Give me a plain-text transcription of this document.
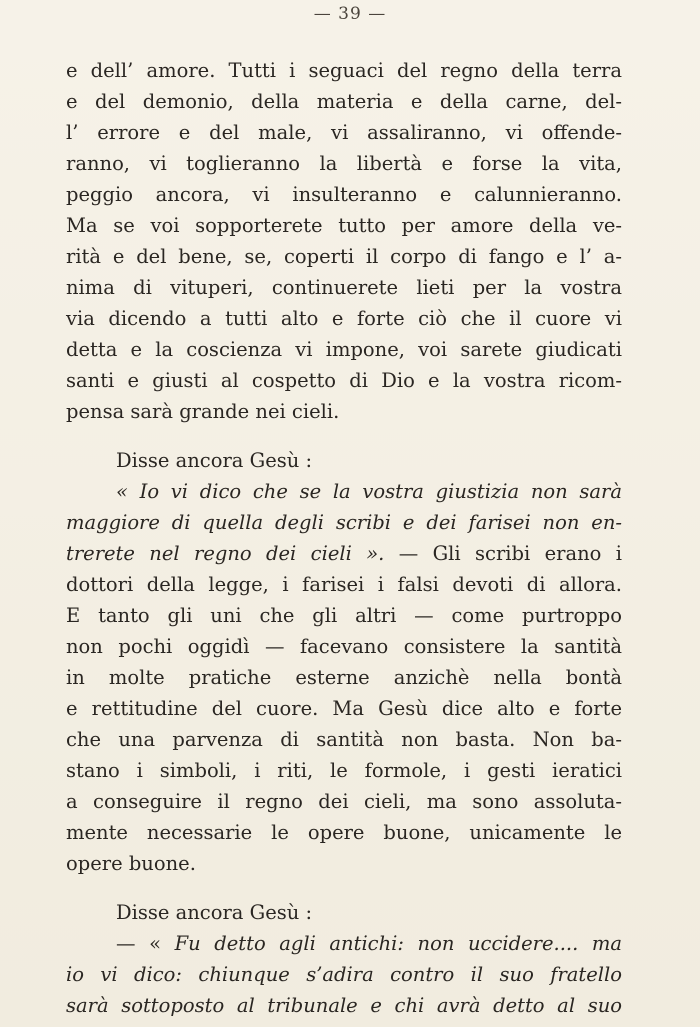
— 39 —
e dell’ amore. Tutti i seguaci del regno della terra
e del demonio, della materia e della carne, del-
l’ errore e del male, vi assaliranno, vi offende-
ranno, vi toglieranno la libertà e forse la vita,
peggio ancora, vi insulteranno e calunnieranno.
Ma se voi sopporterete tutto per amore della ve-
rità e del bene, se, coperti il corpo di fango e l’ a-
nima di vituperi, continuerete lieti per la vostra
via dicendo a tutti alto e forte ciò che il cuore vi
detta e la coscienza vi impone, voi sarete giudicati
santi e giusti al cospetto di Dio e la vostra ricom-
pensa sarà grande nei cieli.
Disse ancora Gesù :
« Io vi dico che se la vostra giustizia non sarà
maggiore di quella degli scribi e dei farisei non en-
trerete nel regno dei cieli ». — Gli scribi erano i
dottori della legge, i farisei i falsi devoti di allora.
E tanto gli uni che gli altri — come purtroppo
non pochi oggidì — facevano consistere la santità
in molte pratiche esterne anzichè nella bontà
e rettitudine del cuore. Ma Gesù dice alto e forte
che una parvenza di santità non basta. Non ba-
stano i simboli, i riti, le formole, i gesti ieratici
a conseguire il regno dei cieli, ma sono assoluta-
mente necessarie le opere buone, unicamente le
opere buone.
Disse ancora Gesù :
— « Fu detto agli antichi: non uccidere.... ma
io vi dico: chiunque s’adira contro il suo fratello
sarà sottoposto al tribunale e chi avrà detto al suo
